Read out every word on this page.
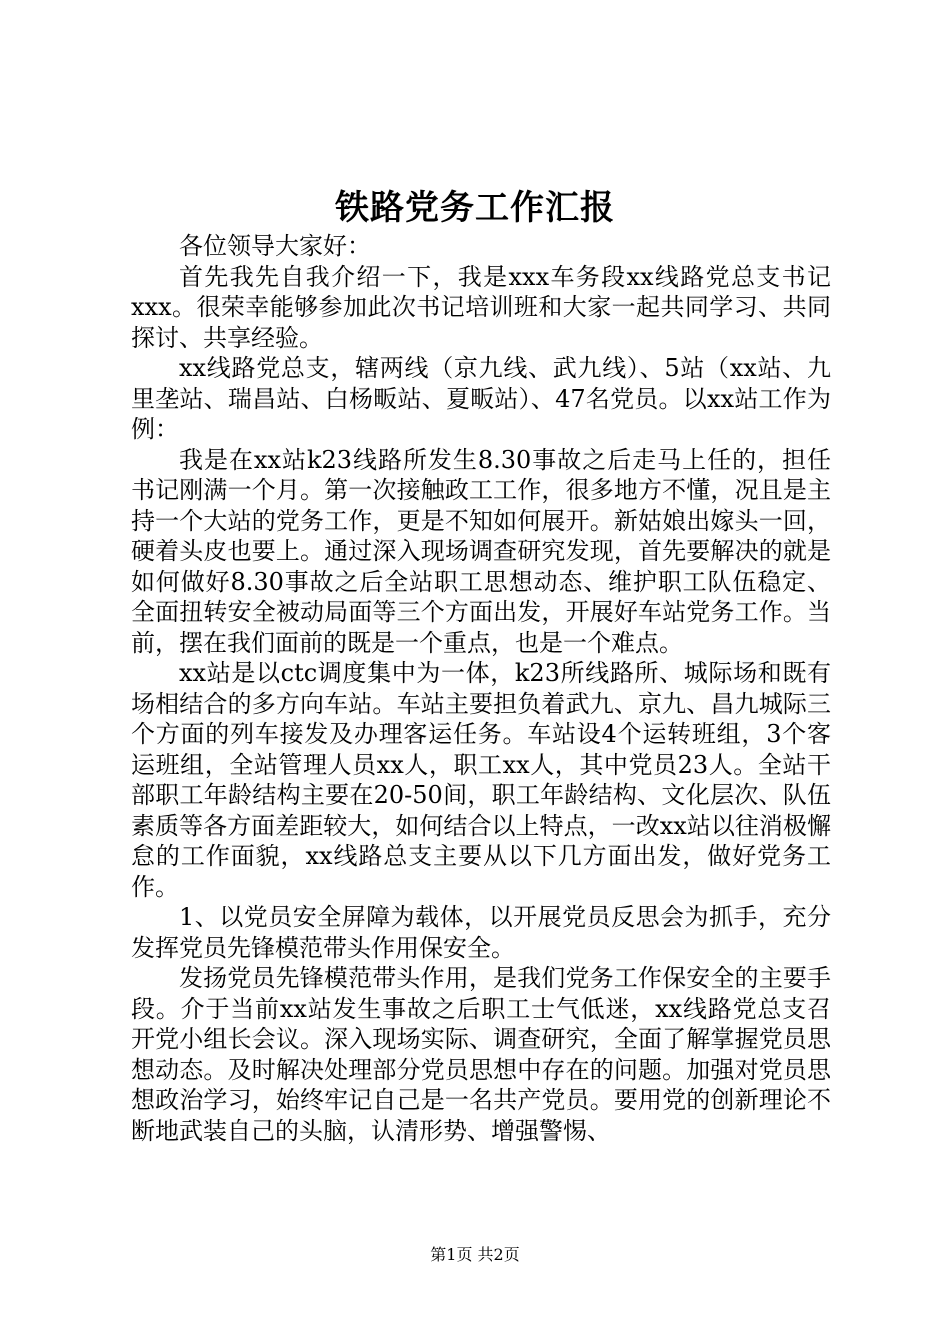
铁路党务工作汇报

各位领导大家好：

首先我先自我介绍一下，我是xxx车务段xx线路党总支书记xxx。很荣幸能够参加此次书记培训班和大家一起共同学习、共同探讨、共享经验。

xx线路党总支，辖两线（京九线、武九线）、5站（xx站、九里垄站、瑞昌站、白杨畈站、夏畈站）、47名党员。以xx站工作为例：

我是在xx站k23线路所发生8.30事故之后走马上任的，担任书记刚满一个月。第一次接触政工工作，很多地方不懂，况且是主持一个大站的党务工作，更是不知如何展开。新姑娘出嫁头一回，硬着头皮也要上。通过深入现场调查研究发现，首先要解决的就是如何做好8.30事故之后全站职工思想动态、维护职工队伍稳定、全面扭转安全被动局面等三个方面出发，开展好车站党务工作。当前，摆在我们面前的既是一个重点，也是一个难点。

xx站是以ctc调度集中为一体，k23所线路所、城际场和既有场相结合的多方向车站。车站主要担负着武九、京九、昌九城际三个方面的列车接发及办理客运任务。车站设4个运转班组，3个客运班组，全站管理人员xx人，职工xx人，其中党员23人。全站干部职工年龄结构主要在20-50间，职工年龄结构、文化层次、队伍素质等各方面差距较大，如何结合以上特点，一改xx站以往消极懈怠的工作面貌，xx线路总支主要从以下几方面出发，做好党务工作。

1、以党员安全屏障为载体，以开展党员反思会为抓手，充分发挥党员先锋模范带头作用保安全。

发扬党员先锋模范带头作用，是我们党务工作保安全的主要手段。介于当前xx站发生事故之后职工士气低迷，xx线路党总支召开党小组长会议。深入现场实际、调查研究，全面了解掌握党员思想动态。及时解决处理部分党员思想中存在的问题。加强对党员思想政治学习，始终牢记自己是一名共产党员。要用党的创新理论不断地武装自己的头脑，认清形势、增强警惕、

第1页 共2页
